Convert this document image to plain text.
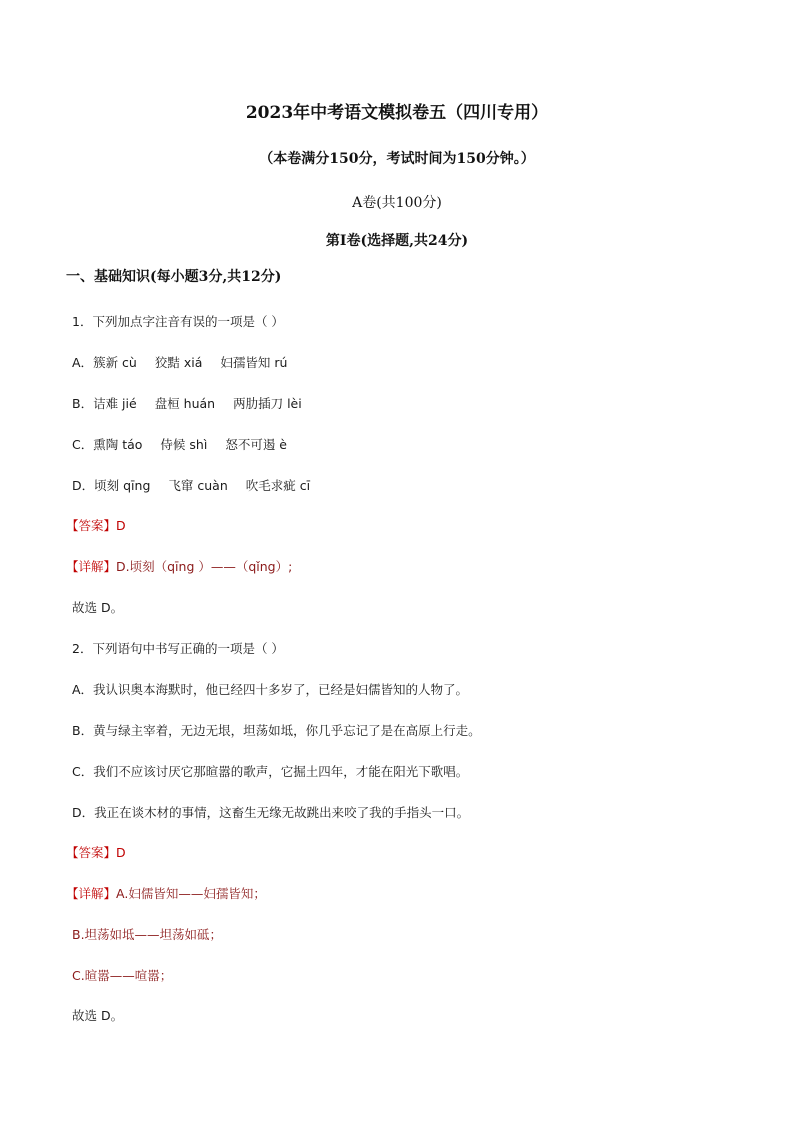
2023年中考语文模拟卷五（四川专用）
（本卷满分150分，考试时间为150分钟。）
A卷(共100分)
第Ⅰ卷(选择题,共24分)
一、基础知识(每小题3分,共12分)
1．下列加点字注音有误的一项是（ ）
A．簇新 cù 狡黠 xiá 妇孺皆知 rú
B．诘难 jié 盘桓 huán 两肋插刀 lèi
C．熏陶 táo 侍候 shì 怒不可遏 è
D．顷刻 qīng 飞窜 cuàn 吹毛求疵 cī
【答案】D
【详解】D.顷刻（qīng ）——（qǐng）;
故选 D。
2．下列语句中书写正确的一项是（ ）
A．我认识奥本海默时，他已经四十多岁了，已经是妇儒皆知的人物了。
B．黄与绿主宰着，无边无垠，坦荡如坻，你几乎忘记了是在高原上行走。
C．我们不应该讨厌它那暄嚣的歌声，它掘土四年，才能在阳光下歌唱。
D．我正在谈木材的事情，这畜生无缘无故跳出来咬了我的手指头一口。
【答案】D
【详解】A.妇儒皆知——妇孺皆知；
B.坦荡如坻——坦荡如砥；
C.暄嚣——喧嚣；
故选 D。
